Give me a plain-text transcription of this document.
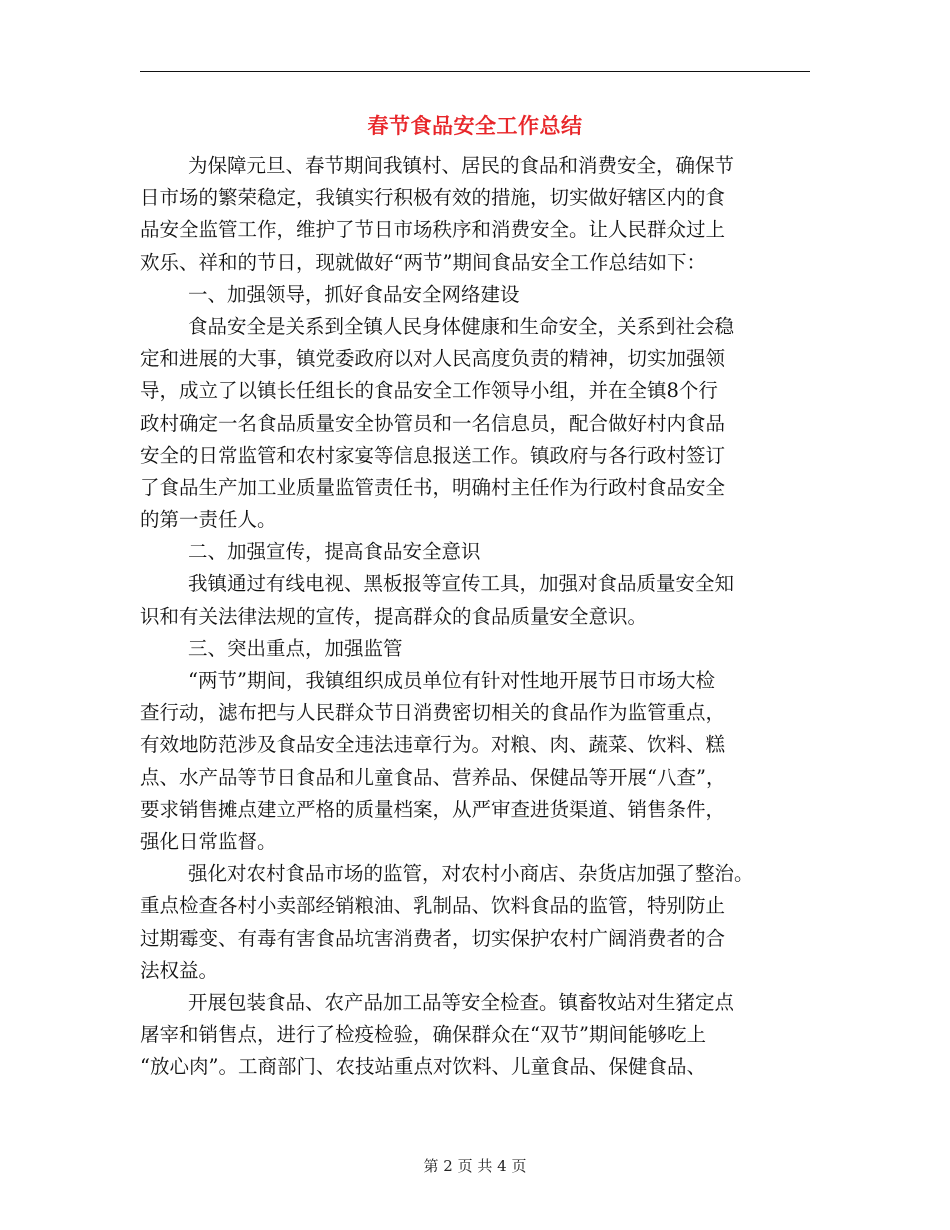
春节食品安全工作总结
为保障元旦、春节期间我镇村、居民的食品和消费安全，确保节
日市场的繁荣稳定，我镇实行积极有效的措施，切实做好辖区内的食
品安全监管工作，维护了节日市场秩序和消费安全。让人民群众过上
欢乐、祥和的节日，现就做好“两节”期间食品安全工作总结如下：
一、加强领导，抓好食品安全网络建设
食品安全是关系到全镇人民身体健康和生命安全，关系到社会稳
定和进展的大事，镇党委政府以对人民高度负责的精神，切实加强领
导，成立了以镇长任组长的食品安全工作领导小组，并在全镇8个行
政村确定一名食品质量安全协管员和一名信息员，配合做好村内食品
安全的日常监管和农村家宴等信息报送工作。镇政府与各行政村签订
了食品生产加工业质量监管责任书，明确村主任作为行政村食品安全
的第一责任人。
二、加强宣传，提高食品安全意识
我镇通过有线电视、黑板报等宣传工具，加强对食品质量安全知
识和有关法律法规的宣传，提高群众的食品质量安全意识。
三、突出重点，加强监管
“两节”期间，我镇组织成员单位有针对性地开展节日市场大检
查行动，滤布把与人民群众节日消费密切相关的食品作为监管重点，
有效地防范涉及食品安全违法违章行为。对粮、肉、蔬菜、饮料、糕
点、水产品等节日食品和儿童食品、营养品、保健品等开展“八查”，
要求销售摊点建立严格的质量档案，从严审查进货渠道、销售条件，
强化日常监督。
强化对农村食品市场的监管，对农村小商店、杂货店加强了整治。
重点检查各村小卖部经销粮油、乳制品、饮料食品的监管，特别防止
过期霉变、有毒有害食品坑害消费者，切实保护农村广阔消费者的合
法权益。
开展包装食品、农产品加工品等安全检查。镇畜牧站对生猪定点
屠宰和销售点，进行了检疫检验，确保群众在“双节”期间能够吃上
“放心肉”。工商部门、农技站重点对饮料、儿童食品、保健食品、
第 2 页 共 4 页
